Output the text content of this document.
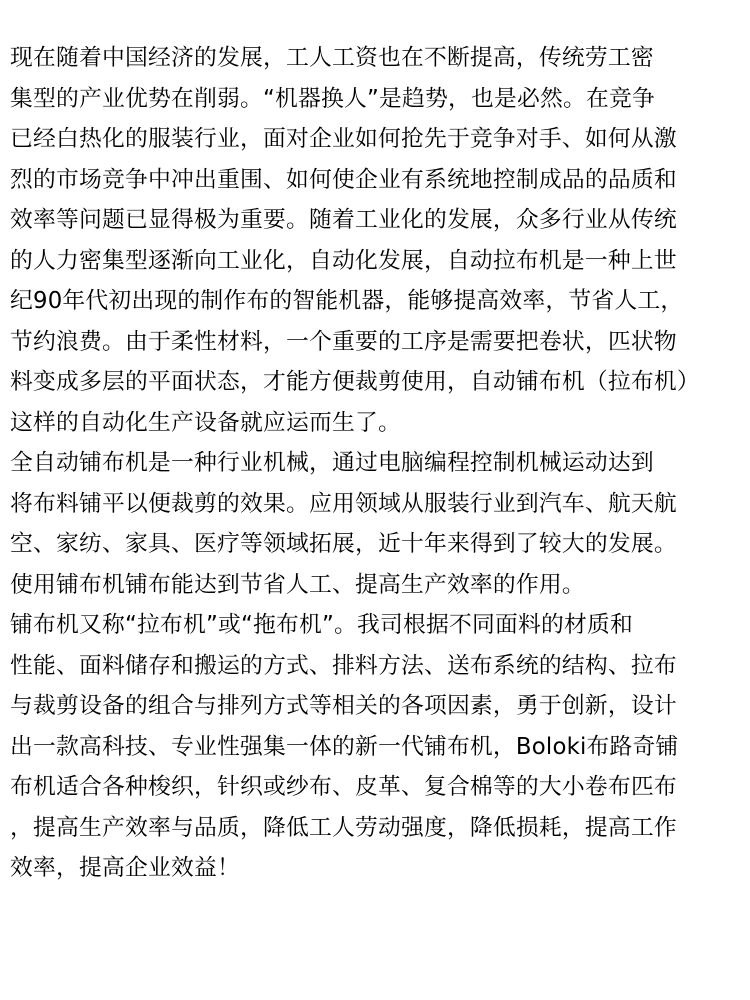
现在随着中国经济的发展，工人工资也在不断提高，传统劳工密
集型的产业优势在削弱。“机器换人”是趋势，也是必然。在竞争
已经白热化的服装行业，面对企业如何抢先于竞争对手、如何从激
烈的市场竞争中冲出重围、如何使企业有系统地控制成品的品质和
效率等问题已显得极为重要。随着工业化的发展，众多行业从传统
的人力密集型逐渐向工业化，自动化发展，自动拉布机是一种上世
纪90年代初出现的制作布的智能机器，能够提高效率，节省人工，
节约浪费。由于柔性材料，一个重要的工序是需要把卷状，匹状物
料变成多层的平面状态，才能方便裁剪使用，自动铺布机（拉布机）
这样的自动化生产设备就应运而生了。
全自动铺布机是一种行业机械，通过电脑编程控制机械运动达到
将布料铺平以便裁剪的效果。应用领域从服装行业到汽车、航天航
空、家纺、家具、医疗等领域拓展，近十年来得到了较大的发展。
使用铺布机铺布能达到节省人工、提高生产效率的作用。
铺布机又称“拉布机”或“拖布机”。我司根据不同面料的材质和
性能、面料储存和搬运的方式、排料方法、送布系统的结构、拉布
与裁剪设备的组合与排列方式等相关的各项因素，勇于创新，设计
出一款高科技、专业性强集一体的新一代铺布机，Boloki布路奇铺
布机适合各种梭织，针织或纱布、皮革、复合棉等的大小卷布匹布
，提高生产效率与品质，降低工人劳动强度，降低损耗，提高工作
效率，提高企业效益！
